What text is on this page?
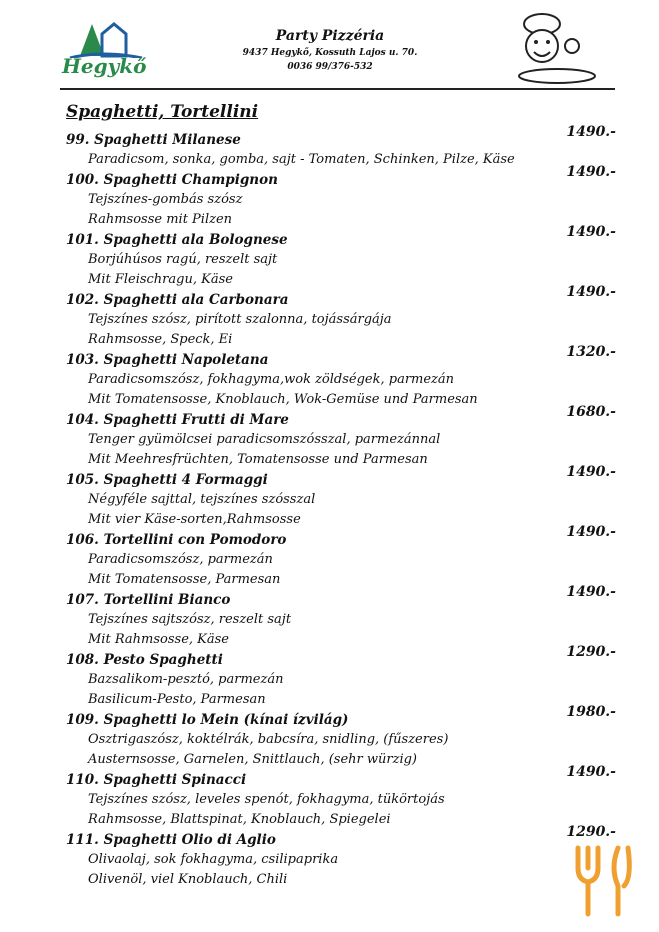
Hegykő
Party Pizzéria
9437 Hegykő, Kossuth Lajos u. 70.
0036 99/376-532
Spaghetti, Tortellini
99. Spaghetti Milanese	1490.-
Paradicsom, sonka, gomba, sajt - Tomaten, Schinken, Pilze, Käse
100. Spaghetti Champignon	1490.-
Tejszínes-gombás szósz
Rahmsosse mit Pilzen
101. Spaghetti ala Bolognese	1490.-
Borjúhúsos ragú, reszelt sajt
Mit Fleischragu, Käse
102. Spaghetti ala Carbonara	1490.-
Tejszínes szósz, pirított szalonna, tojássárgája
Rahmsosse, Speck, Ei
103. Spaghetti Napoletana	1320.-
Paradicsomszósz, fokhagyma,wok zöldségek, parmezán
Mit Tomatensosse, Knoblauch, Wok-Gemüse und Parmesan
104. Spaghetti Frutti di Mare	1680.-
Tenger gyümölcsei paradicsomszósszal, parmezánnal
Mit Meehresfrüchten, Tomatensosse und Parmesan
105. Spaghetti 4 Formaggi	1490.-
Négyféle sajttal, tejszínes szósszal
Mit vier Käse-sorten,Rahmsosse
106. Tortellini con Pomodoro	1490.-
Paradicsomszósz, parmezán
Mit Tomatensosse, Parmesan
107. Tortellini Bianco	1490.-
Tejszínes sajtszósz, reszelt sajt
Mit Rahmsosse, Käse
108. Pesto Spaghetti	1290.-
Bazsalikom-pesztó, parmezán
Basilicum-Pesto, Parmesan
109. Spaghetti lo Mein (kínai ízvilág)	1980.-
Osztrigaszósz, koktélrák, babcsíra, snidling, (fűszeres)
Austernsosse, Garnelen, Snittlauch, (sehr würzig)
110. Spaghetti Spinacci	1490.-
Tejszínes szósz, leveles spenót, fokhagyma, tükörtojás
Rahmsosse, Blattspinat, Knoblauch, Spiegelei
111. Spaghetti Olio di Aglio	1290.-
Olivaolaj, sok fokhagyma, csilipaprika
Olivenöl, viel Knoblauch, Chili
